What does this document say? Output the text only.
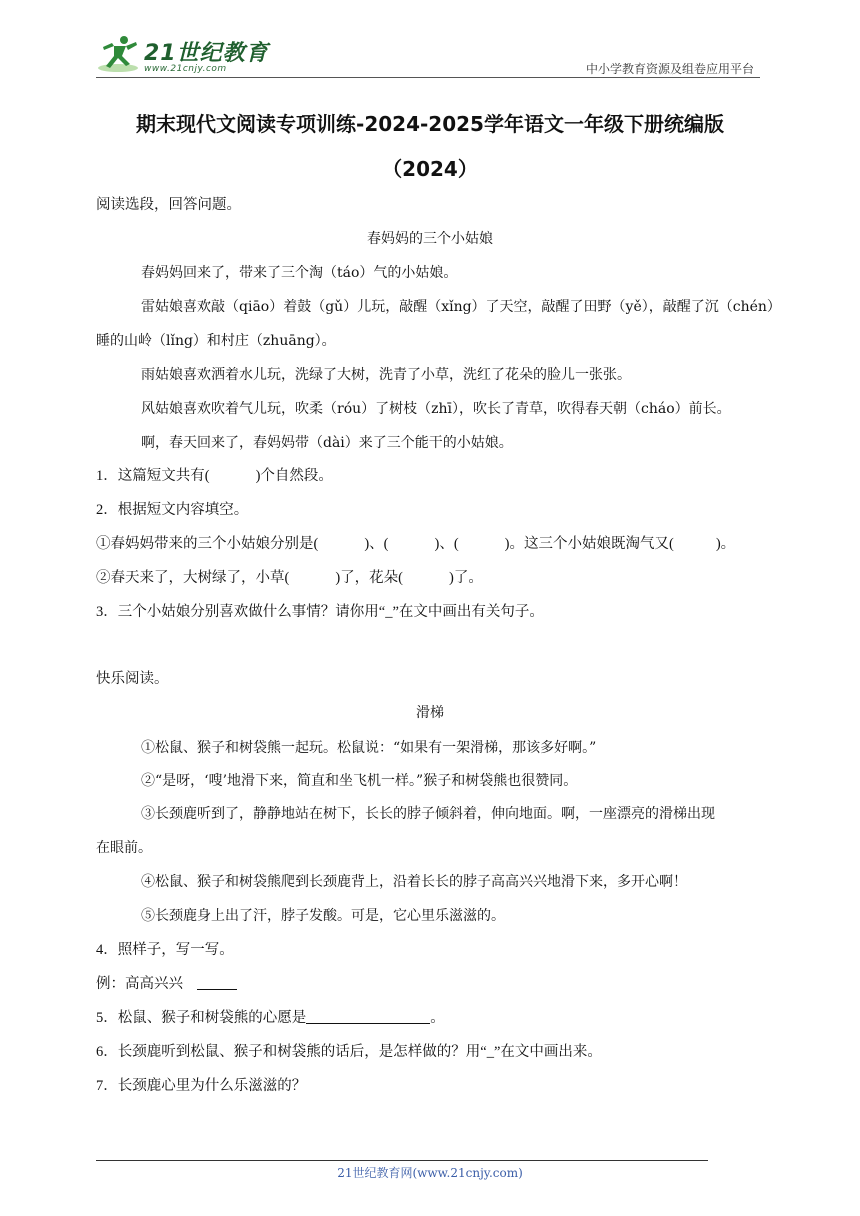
21世纪教育
www.21cnjy.com	中小学教育资源及组卷应用平台
期末现代文阅读专项训练-2024-2025学年语文一年级下册统编版
（2024）
阅读选段，回答问题。
春妈妈的三个小姑娘
春妈妈回来了，带来了三个淘（táo）气的小姑娘。
雷姑娘喜欢敲（qiāo）着鼓（gǔ）儿玩，敲醒（xǐng）了天空，敲醒了田野（yě），敲醒了沉（chén）
睡的山岭（lǐng）和村庄（zhuāng）。
雨姑娘喜欢洒着水儿玩，洗绿了大树，洗青了小草，洗红了花朵的脸儿一张张。
风姑娘喜欢吹着气儿玩，吹柔（róu）了树枝（zhī），吹长了青草，吹得春天朝（cháo）前长。
啊，春天回来了，春妈妈带（dài）来了三个能干的小姑娘。
1．这篇短文共有(	)个自然段。
2．根据短文内容填空。
①春妈妈带来的三个小姑娘分别是(	)、(	)、(	)。这三个小姑娘既淘气又(	)。
②春天来了，大树绿了，小草(	)了，花朵(	)了。
3．三个小姑娘分别喜欢做什么事情？请你用“_”在文中画出有关句子。
快乐阅读。
滑梯
①松鼠、猴子和树袋熊一起玩。松鼠说：“如果有一架滑梯，那该多好啊。”
②“是呀，‘嗖’地滑下来，简直和坐飞机一样。”猴子和树袋熊也很赞同。
③长颈鹿听到了，静静地站在树下，长长的脖子倾斜着，伸向地面。啊，一座漂亮的滑梯出现
在眼前。
④松鼠、猴子和树袋熊爬到长颈鹿背上，沿着长长的脖子高高兴兴地滑下来，多开心啊！
⑤长颈鹿身上出了汗，脖子发酸。可是，它心里乐滋滋的。
4．照样子，写一写。
例：高高兴兴
5．松鼠、猴子和树袋熊的心愿是	。
6．长颈鹿听到松鼠、猴子和树袋熊的话后，是怎样做的？用“_”在文中画出来。
7．长颈鹿心里为什么乐滋滋的？
21世纪教育网(www.21cnjy.com)
